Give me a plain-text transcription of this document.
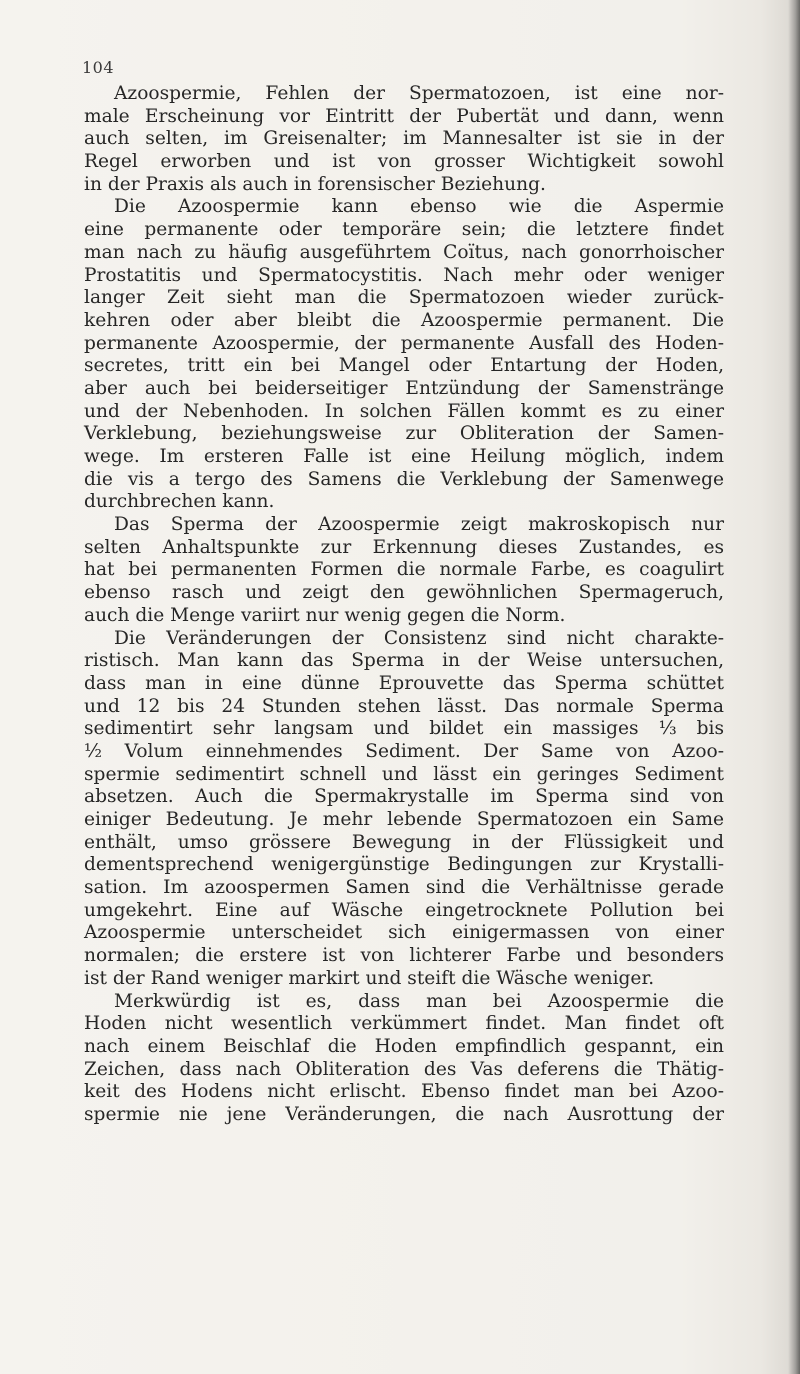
104
Azoospermie, Fehlen der Spermatozoen, ist eine nor-
male Erscheinung vor Eintritt der Pubertät und dann, wenn
auch selten, im Greisenalter; im Mannesalter ist sie in der
Regel erworben und ist von grosser Wichtigkeit sowohl
in der Praxis als auch in forensischer Beziehung.
Die Azoospermie kann ebenso wie die Aspermie
eine permanente oder temporäre sein; die letztere findet
man nach zu häufig ausgeführtem Coïtus, nach gonorrhoischer
Prostatitis und Spermatocystitis. Nach mehr oder weniger
langer Zeit sieht man die Spermatozoen wieder zurück-
kehren oder aber bleibt die Azoospermie permanent. Die
permanente Azoospermie, der permanente Ausfall des Hoden-
secretes, tritt ein bei Mangel oder Entartung der Hoden,
aber auch bei beiderseitiger Entzündung der Samenstränge
und der Nebenhoden. In solchen Fällen kommt es zu einer
Verklebung, beziehungsweise zur Obliteration der Samen-
wege. Im ersteren Falle ist eine Heilung möglich, indem
die vis a tergo des Samens die Verklebung der Samenwege
durchbrechen kann.
Das Sperma der Azoospermie zeigt makroskopisch nur
selten Anhaltspunkte zur Erkennung dieses Zustandes, es
hat bei permanenten Formen die normale Farbe, es coagulirt
ebenso rasch und zeigt den gewöhnlichen Spermageruch,
auch die Menge variirt nur wenig gegen die Norm.
Die Veränderungen der Consistenz sind nicht charakte-
ristisch. Man kann das Sperma in der Weise untersuchen,
dass man in eine dünne Eprouvette das Sperma schüttet
und 12 bis 24 Stunden stehen lässt. Das normale Sperma
sedimentirt sehr langsam und bildet ein massiges ⅓ bis
½ Volum einnehmendes Sediment. Der Same von Azoo-
spermie sedimentirt schnell und lässt ein geringes Sediment
absetzen. Auch die Spermakrystalle im Sperma sind von
einiger Bedeutung. Je mehr lebende Spermatozoen ein Same
enthält, umso grössere Bewegung in der Flüssigkeit und
dementsprechend wenigergünstige Bedingungen zur Krystalli-
sation. Im azoospermen Samen sind die Verhältnisse gerade
umgekehrt. Eine auf Wäsche eingetrocknete Pollution bei
Azoospermie unterscheidet sich einigermassen von einer
normalen; die erstere ist von lichterer Farbe und besonders
ist der Rand weniger markirt und steift die Wäsche weniger.
Merkwürdig ist es, dass man bei Azoospermie die
Hoden nicht wesentlich verkümmert findet. Man findet oft
nach einem Beischlaf die Hoden empfindlich gespannt, ein
Zeichen, dass nach Obliteration des Vas deferens die Thätig-
keit des Hodens nicht erlischt. Ebenso findet man bei Azoo-
spermie nie jene Veränderungen, die nach Ausrottung der
